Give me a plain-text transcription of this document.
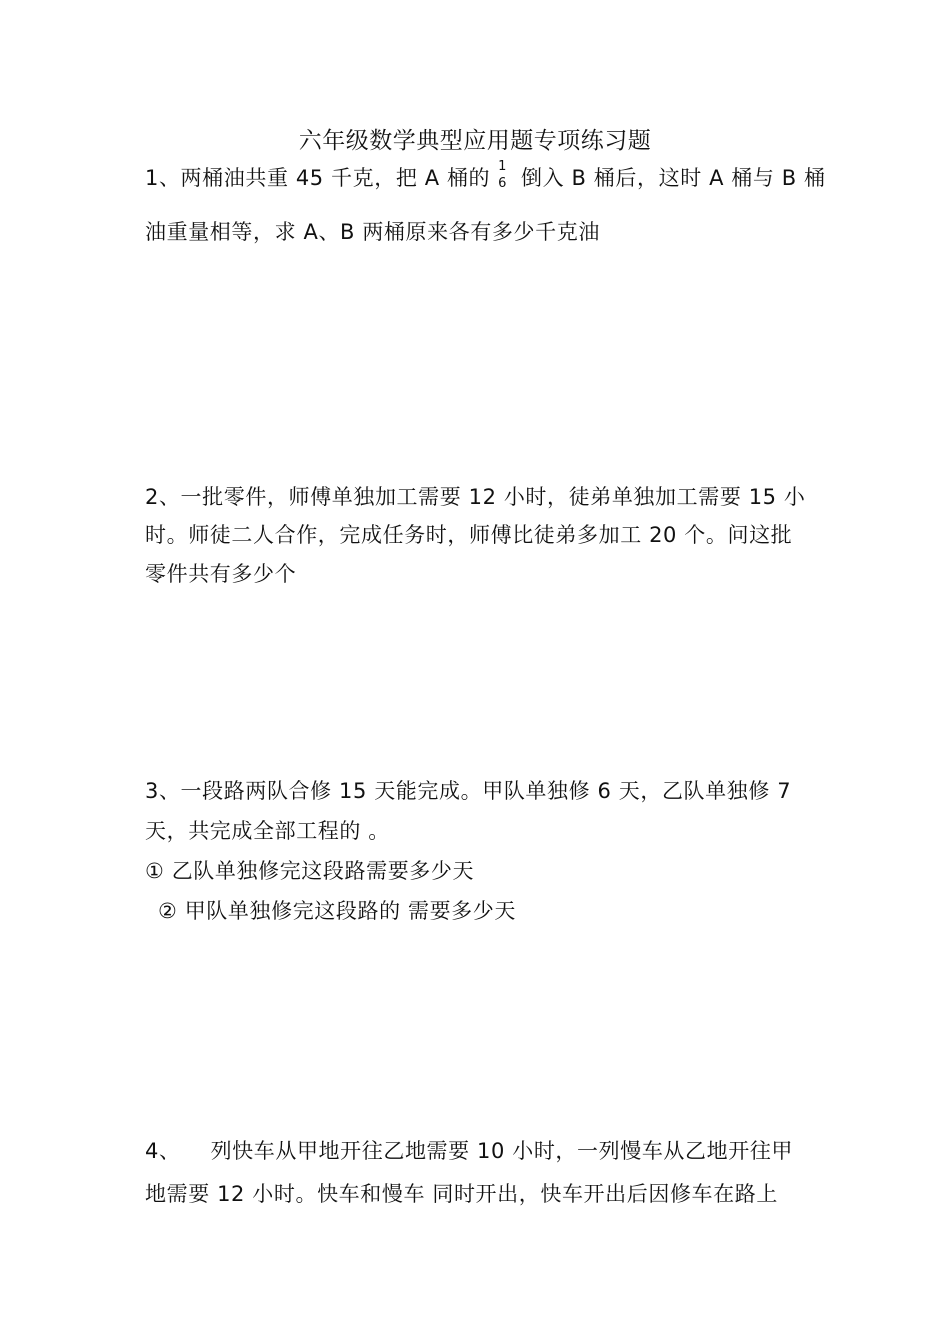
六年级数学典型应用题专项练习题
1、两桶油共重 45 千克，把 A 桶的 1
6 倒入 B 桶后，这时 A 桶与 B 桶
油重量相等，求 A、B 两桶原来各有多少千克油
2、一批零件，师傅单独加工需要 12 小时，徒弟单独加工需要 15 小
时。师徒二人合作，完成任务时，师傅比徒弟多加工 20 个。问这批
零件共有多少个
3、一段路两队合修 15 天能完成。甲队单独修 6 天，乙队单独修 7
天，共完成全部工程的 。
① 乙队单独修完这段路需要多少天
② 甲队单独修完这段路的 需要多少天
4、 列快车从甲地开往乙地需要 10 小时，一列慢车从乙地开往甲
地需要 12 小时。快车和慢车 同时开出，快车开出后因修车在路上
